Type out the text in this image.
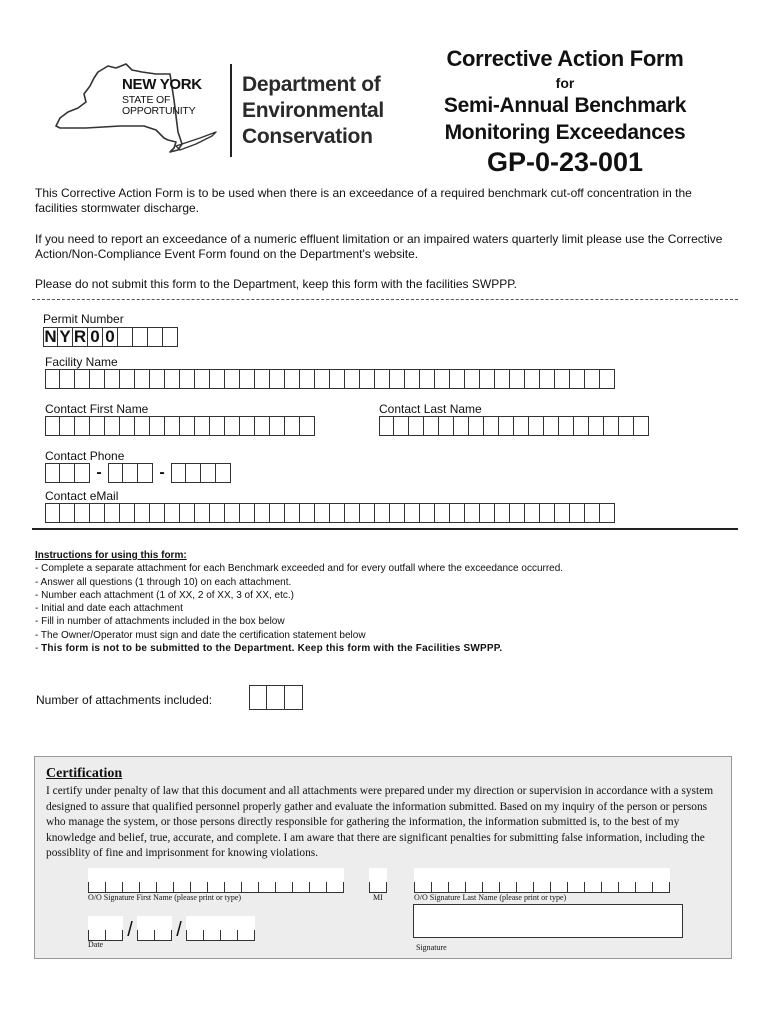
NEW YORK
STATE OF
OPPORTUNITY
Department of
Environmental
Conservation
Corrective Action Form
for
Semi-Annual Benchmark
Monitoring Exceedances
GP-0-23-001
This Corrective Action Form is to be used when there is an exceedance of a required benchmark cut-off concentration in the facilities stormwater discharge.
If you need to report an exceedance of a numeric effluent limitation or an impaired waters quarterly limit please use the Corrective Action/Non-Compliance Event Form found on the Department's website.
Please do not submit this form to the Department, keep this form with the facilities SWPPP.
Permit Number
N Y R 0 0
Facility Name
Contact First Name	Contact Last Name
Contact Phone
-	-
Contact eMail
Instructions for using this form:
- Complete a separate attachment for each Benchmark exceeded and for every outfall where the exceedance occurred.
- Answer all questions (1 through 10) on each attachment.
- Number each attachment (1 of XX, 2 of XX, 3 of XX, etc.)
- Initial and date each attachment
- Fill in number of attachments included in the box below
- The Owner/Operator must sign and date the certification statement below
- This form is not to be submitted to the Department. Keep this form with the Facilities SWPPP.
Number of attachments included:
Certification
I certify under penalty of law that this document and all attachments were prepared under my direction or supervision in accordance with a system designed to assure that qualified personnel properly gather and evaluate the information submitted. Based on my inquiry of the person or persons who manage the system, or those persons directly responsible for gathering the information, the information submitted is, to the best of my knowledge and belief, true, accurate, and complete. I am aware that there are significant penalties for submitting false information, including the possiblity of fine and imprisonment for knowing violations.
O/O Signature First Name (please print or type)	MI	O/O Signature Last Name (please print or type)
/ /
Date	Signature
